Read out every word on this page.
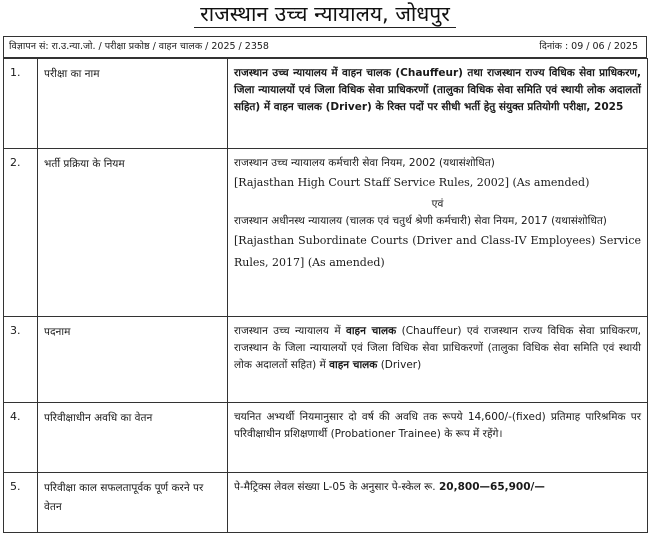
राजस्थान उच्च न्यायालय, जोधपुर
विज्ञापन सं: रा.उ.न्या.जो. / परीक्षा प्रकोष्ठ / वाहन चालक / 2025 / 2358	दिनांक : 09 / 06 / 2025
1.	परीक्षा का नाम	राजस्थान उच्च न्यायालय में वाहन चालक (Chauffeur) तथा राजस्थान राज्य विधिक सेवा प्राधिकरण, जिला न्यायालयों एवं जिला विधिक सेवा प्राधिकरणों (तालुका विधिक सेवा समिति एवं स्थायी लोक अदालतों सहित) में वाहन चालक (Driver) के रिक्त पदों पर सीधी भर्ती हेतु संयुक्त प्रतियोगी परीक्षा, 2025

2.	भर्ती प्रक्रिया के नियम	राजस्थान उच्च न्यायालय कर्मचारी सेवा नियम, 2002 (यथासंशोधित)

[Rajasthan High Court Staff Service Rules, 2002] (As amended)

एवं

राजस्थान अधीनस्थ न्यायालय (चालक एवं चतुर्थ श्रेणी कर्मचारी) सेवा नियम, 2017 (यथासंशोधित)

[Rajasthan Subordinate Courts (Driver and Class-IV Employees) Service Rules, 2017] (As amended)

3.	पदनाम	राजस्थान उच्च न्यायालय में वाहन चालक (Chauffeur) एवं राजस्थान राज्य विधिक सेवा प्राधिकरण, राजस्थान के जिला न्यायालयों एवं जिला विधिक सेवा प्राधिकरणों (तालुका विधिक सेवा समिति एवं स्थायी लोक अदालतों सहित) में वाहन चालक (Driver)

4.	परिवीक्षाधीन अवधि का वेतन	चयनित अभ्यर्थी नियमानुसार दो वर्ष की अवधि तक रूपये 14,600/-(fixed) प्रतिमाह पारिश्रमिक पर परिवीक्षाधीन प्रशिक्षणार्थी (Probationer Trainee) के रूप में रहेंगे।

5.	परिवीक्षा काल सफलतापूर्वक पूर्ण करने पर वेतन	पे-मैट्रिक्स लेवल संख्या L-05 के अनुसार पे-स्केल रू. 20,800—65,900/—
